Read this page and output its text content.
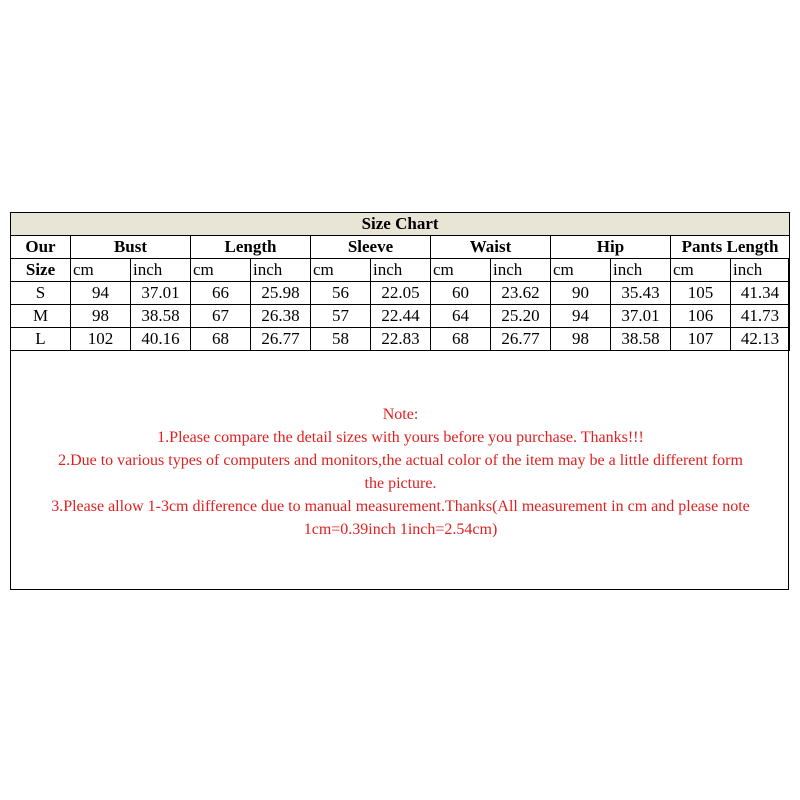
Size Chart												
Our	Bust		Length		Sleeve		Waist		Hip		Pants Length	
Size	cm	inch	cm	inch	cm	inch	cm	inch	cm	inch	cm	inch
S	94	37.01	66	25.98	56	22.05	60	23.62	90	35.43	105	41.34
M	98	38.58	67	26.38	57	22.44	64	25.20	94	37.01	106	41.73
L	102	40.16	68	26.77	58	22.83	68	26.77	98	38.58	107	42.13
Note:
1.Please compare the detail sizes with yours before you purchase. Thanks!!!
2.Due to various types of computers and monitors,the actual color of the item may be a little different form
the picture.
3.Please allow 1-3cm difference due to manual measurement.Thanks(All measurement in cm and please note
1cm=0.39inch 1inch=2.54cm)
